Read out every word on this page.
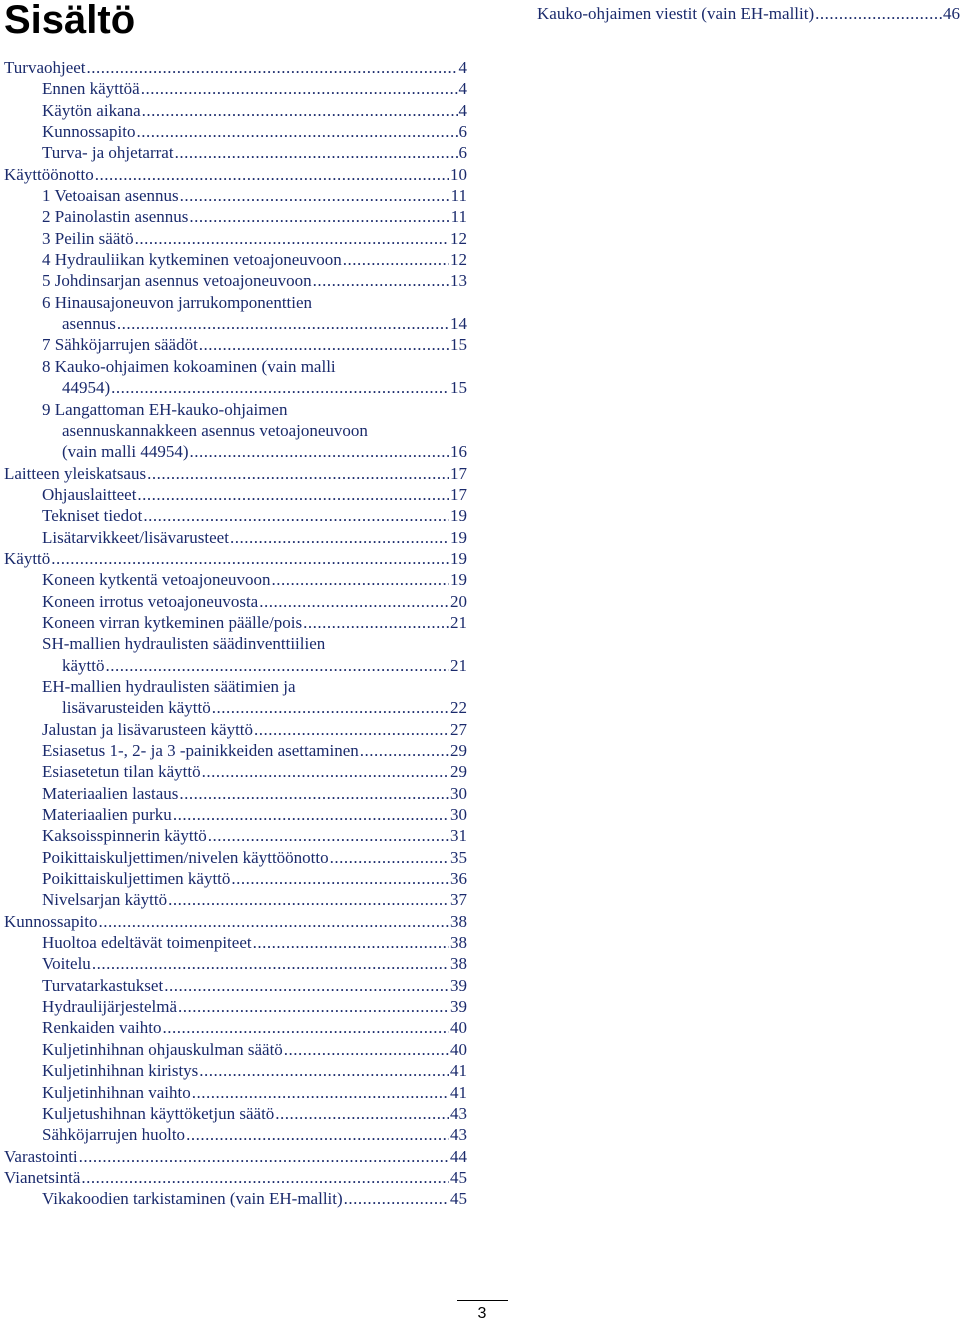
Sisältö
Turvaohjeet .....	4
Ennen käyttöä .....	4
Käytön aikana .....	4
Kunnossapito .....	6
Turva- ja ohjetarrat .....	6
Käyttöönotto .....	10
1 Vetoaisan asennus .....	11
2 Painolastin asennus .....	11
3 Peilin säätö .....	12
4 Hydrauliikan kytkeminen vetoajoneuvoon .....	12
5 Johdinsarjan asennus vetoajoneuvoon .....	13
6 Hinausajoneuvon jarrukomponenttien
asennus .....	14
7 Sähköjarrujen säädöt .....	15
8 Kauko-ohjaimen kokoaminen (vain malli
44954) .....	15
9 Langattoman EH-kauko-ohjaimen
asennuskannakkeen asennus vetoajoneuvoon
(vain malli 44954) .....	16
Laitteen yleiskatsaus .....	17
Ohjauslaitteet .....	17
Tekniset tiedot .....	19
Lisätarvikkeet/lisävarusteet .....	19
Käyttö .....	19
Koneen kytkentä vetoajoneuvoon .....	19
Koneen irrotus vetoajoneuvosta .....	20
Koneen virran kytkeminen päälle/pois .....	21
SH-mallien hydraulisten säädinventtiilien
käyttö .....	21
EH-mallien hydraulisten säätimien ja
lisävarusteiden käyttö .....	22
Jalustan ja lisävarusteen käyttö .....	27
Esiasetus 1-, 2- ja 3 -painikkeiden asettaminen .....	29
Esiasetetun tilan käyttö .....	29
Materiaalien lastaus .....	30
Materiaalien purku .....	30
Kaksoisspinnerin käyttö .....	31
Poikittaiskuljettimen/nivelen käyttöönotto .....	35
Poikittaiskuljettimen käyttö .....	36
Nivelsarjan käyttö .....	37
Kunnossapito .....	38
Huoltoa edeltävät toimenpiteet .....	38
Voitelu .....	38
Turvatarkastukset .....	39
Hydraulijärjestelmä .....	39
Renkaiden vaihto .....	40
Kuljetinhihnan ohjauskulman säätö .....	40
Kuljetinhihnan kiristys .....	41
Kuljetinhihnan vaihto .....	41
Kuljetushihnan käyttöketjun säätö .....	43
Sähköjarrujen huolto .....	43
Varastointi .....	44
Vianetsintä .....	45
Vikakoodien tarkistaminen (vain EH-mallit) .....	45
Kauko-ohjaimen viestit (vain EH-mallit) .....	46
3
